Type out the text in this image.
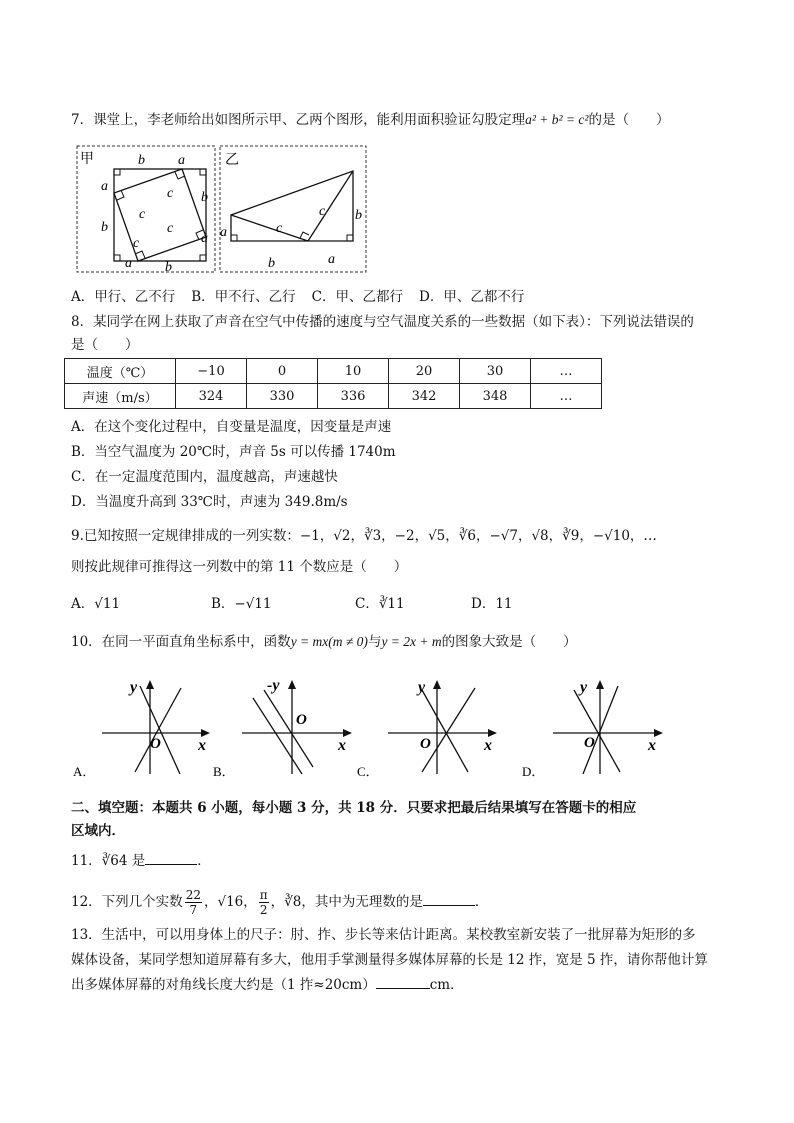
7．课堂上，李老师给出如图所示甲、乙两个图形，能利用面积验证勾股定理a² + b² = c²的是（　　）
甲	b a
a
b
b
a
a b
c
c
c
c
乙
a
b	a
b
c
c
A．甲行、乙不行 B．甲不行、乙行 C．甲、乙都行 D．甲、乙都不行
8．某同学在网上获取了声音在空气中传播的速度与空气温度关系的一些数据（如下表）：下列说法错误的
是（　　）
温度（℃）	−10	0	10	20	30	…
声速（m/s）	324	330	336	342	348	…
A．在这个变化过程中，自变量是温度，因变量是声速
B．当空气温度为 20℃时，声音 5s 可以传播 1740m
C．在一定温度范围内，温度越高，声速越快
D．当温度升高到 33℃时，声速为 349.8m/s
9.已知按照一定规律排成的一列实数：−1，√2，∛3，−2，√5，∛6，−√7，√8，∛9，−√10，…
则按此规律可推得这一列数中的第 11 个数应是（　　）
A．√11	B．−√11	C．∛11	D．11
10．在同一平面直角坐标系中，函数y = mx(m ≠ 0)与y = 2x + m的图象大致是（　　）
y
O x
A．
-y
O
x
B．
y
O	x
C．
y
O	x
D．
二、填空题：本题共 6 小题，每小题 3 分，共 18 分．只要求把最后结果填写在答题卡的相应
区域内．
11．∛64 是	．
12．下列几个实数 $\frac{22}{7}$ ，√16， $\frac{\pi}{2}$ ，∛8，其中为无理数的是	．
13．生活中，可以用身体上的尺子：肘、拃、步长等来估计距离。某校教室新安装了一批屏幕为矩形的多
媒体设备，某同学想知道屏幕有多大，他用手掌测量得多媒体屏幕的长是 12 拃，宽是 5 拃，请你帮他计算
出多媒体屏幕的对角线长度大约是（1 拃≈20cm）	cm．
